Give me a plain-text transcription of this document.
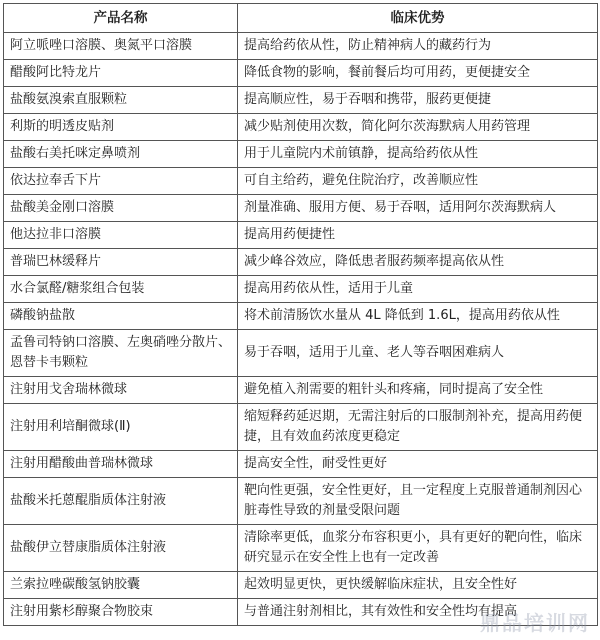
产品名称	临床优势
阿立哌唑口溶膜、奥氮平口溶膜	提高给药依从性，防止精神病人的藏药行为
醋酸阿比特龙片	降低食物的影响，餐前餐后均可用药，更便捷安全
盐酸氨溴索直服颗粒	提高顺应性，易于吞咽和携带，服药更便捷
利斯的明透皮贴剂	减少贴剂使用次数，简化阿尔茨海默病人用药管理
盐酸右美托咪定鼻喷剂	用于儿童院内术前镇静，提高给药依从性
依达拉奉舌下片	可自主给药，避免住院治疗，改善顺应性
盐酸美金刚口溶膜	剂量准确、服用方便、易于吞咽，适用阿尔茨海默病人
他达拉非口溶膜	提高用药便捷性
普瑞巴林缓释片	减少峰谷效应，降低患者服药频率提高依从性
水合氯醛/糖浆组合包装	提高用药依从性，适用于儿童
磷酸钠盐散	将术前清肠饮水量从 4L 降低到 1.6L，提高用药依从性
孟鲁司特钠口溶膜、左奥硝唑分散片、恩替卡韦颗粒	易于吞咽，适用于儿童、老人等吞咽困难病人
注射用戈舍瑞林微球	避免植入剂需要的粗针头和疼痛，同时提高了安全性
注射用利培酮微球(Ⅱ)	缩短释药延迟期，无需注射后的口服制剂补充，提高用药便捷，且有效血药浓度更稳定
注射用醋酸曲普瑞林微球	提高安全性，耐受性更好
盐酸米托蒽醌脂质体注射液	靶向性更强，安全性更好，且一定程度上克服普通制剂因心脏毒性导致的剂量受限问题
盐酸伊立替康脂质体注射液	清除率更低，血浆分布容积更小，具有更好的靶向性，临床研究显示在安全性上也有一定改善
兰索拉唑碳酸氢钠胶囊	起效明显更快，更快缓解临床症状，且安全性好
注射用紫杉醇聚合物胶束	与普通注射剂相比，其有效性和安全性均有提高
鼎品培训网
